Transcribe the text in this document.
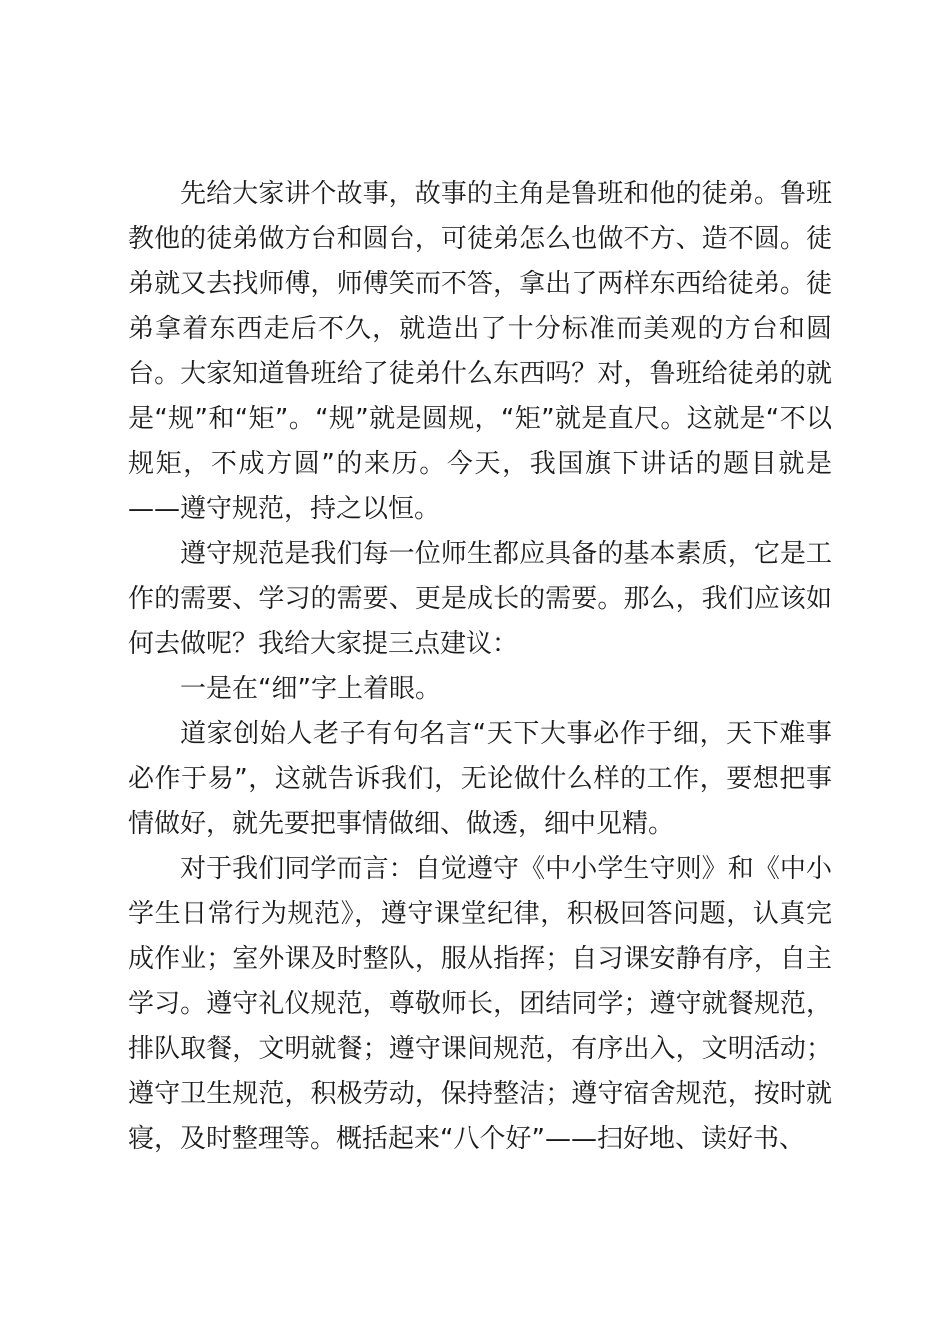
先给大家讲个故事，故事的主角是鲁班和他的徒弟。鲁班教他的徒弟做方台和圆台，可徒弟怎么也做不方、造不圆。徒弟就又去找师傅，师傅笑而不答，拿出了两样东西给徒弟。徒弟拿着东西走后不久，就造出了十分标准而美观的方台和圆台。大家知道鲁班给了徒弟什么东西吗？对，鲁班给徒弟的就是“规”和“矩”。“规”就是圆规，“矩”就是直尺。这就是“不以规矩，不成方圆”的来历。今天，我国旗下讲话的题目就是——遵守规范，持之以恒。

遵守规范是我们每一位师生都应具备的基本素质，它是工作的需要、学习的需要、更是成长的需要。那么，我们应该如何去做呢？我给大家提三点建议：

一是在“细”字上着眼。

道家创始人老子有句名言“天下大事必作于细，天下难事必作于易”，这就告诉我们，无论做什么样的工作，要想把事情做好，就先要把事情做细、做透，细中见精。

对于我们同学而言：自觉遵守《中小学生守则》和《中小学生日常行为规范》，遵守课堂纪律，积极回答问题，认真完成作业；室外课及时整队，服从指挥；自习课安静有序，自主学习。遵守礼仪规范，尊敬师长，团结同学；遵守就餐规范，排队取餐，文明就餐；遵守课间规范，有序出入，文明活动；遵守卫生规范，积极劳动，保持整洁；遵守宿舍规范，按时就寝，及时整理等。概括起来“八个好”——扫好地、读好书、
